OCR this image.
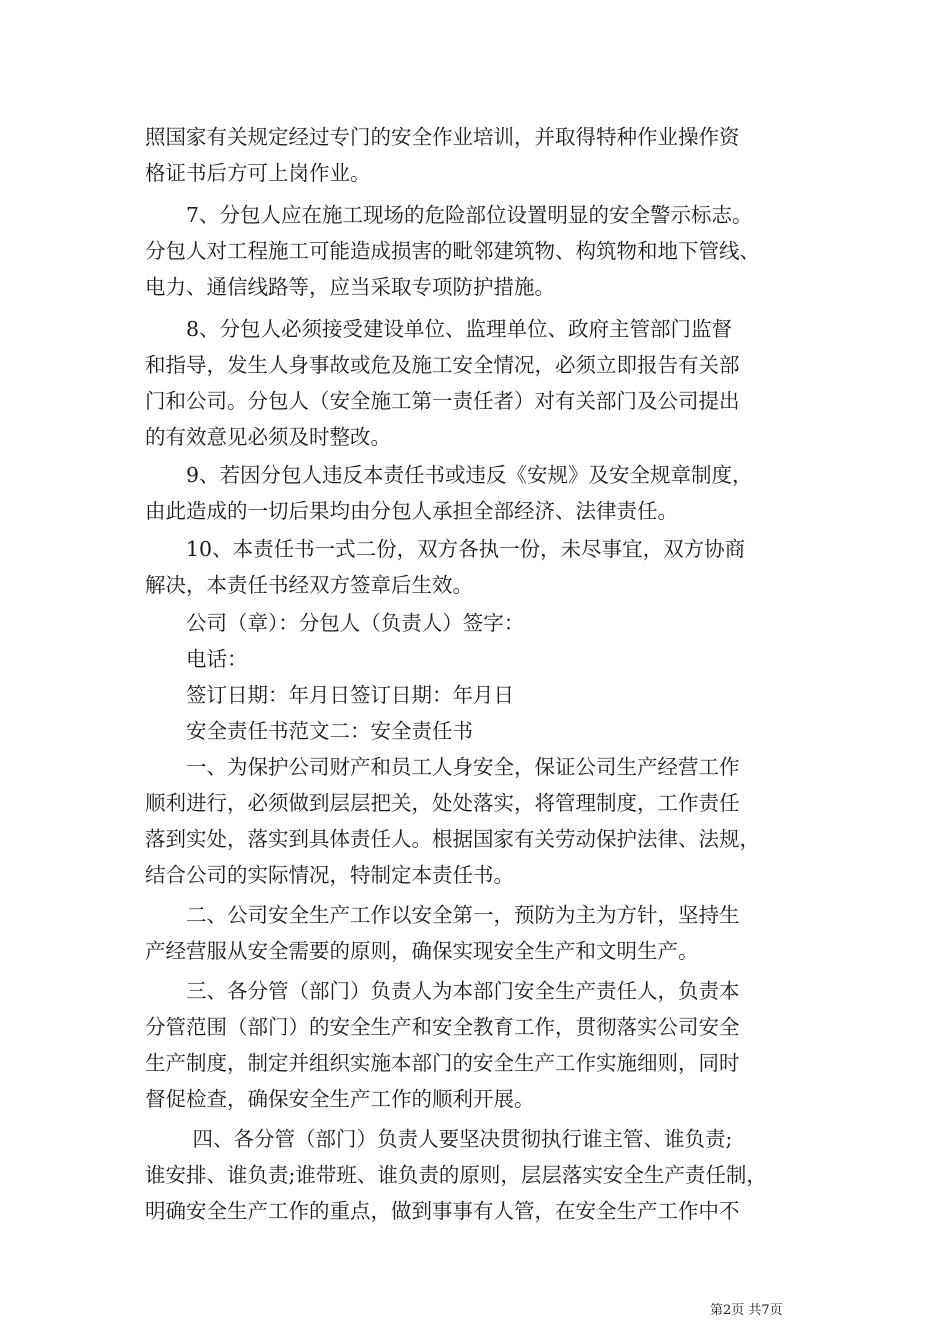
照国家有关规定经过专门的安全作业培训，并取得特种作业操作资
格证书后方可上岗作业。
　　7、分包人应在施工现场的危险部位设置明显的安全警示标志。
分包人对工程施工可能造成损害的毗邻建筑物、构筑物和地下管线、
电力、通信线路等，应当采取专项防护措施。
　　8、分包人必须接受建设单位、监理单位、政府主管部门监督
和指导，发生人身事故或危及施工安全情况，必须立即报告有关部
门和公司。分包人（安全施工第一责任者）对有关部门及公司提出
的有效意见必须及时整改。
　　9、若因分包人违反本责任书或违反《安规》及安全规章制度，
由此造成的一切后果均由分包人承担全部经济、法律责任。
　　10、本责任书一式二份，双方各执一份，未尽事宜，双方协商
解决，本责任书经双方签章后生效。
　　公司（章）：分包人（负责人）签字：
　　电话：
　　签订日期：年月日签订日期：年月日
　　安全责任书范文二：安全责任书
　　一、为保护公司财产和员工人身安全，保证公司生产经营工作
顺利进行，必须做到层层把关，处处落实，将管理制度，工作责任
落到实处，落实到具体责任人。根据国家有关劳动保护法律、法规，
结合公司的实际情况，特制定本责任书。
　　二、公司安全生产工作以安全第一，预防为主为方针，坚持生
产经营服从安全需要的原则，确保实现安全生产和文明生产。
　　三、各分管（部门）负责人为本部门安全生产责任人，负责本
分管范围（部门）的安全生产和安全教育工作，贯彻落实公司安全
生产制度，制定并组织实施本部门的安全生产工作实施细则，同时
督促检查，确保安全生产工作的顺利开展。
　　 四、各分管（部门）负责人要坚决贯彻执行谁主管、谁负责;
谁安排、谁负责;谁带班、谁负责的原则，层层落实安全生产责任制，
明确安全生产工作的重点，做到事事有人管，在安全生产工作中不
第2页 共7页
